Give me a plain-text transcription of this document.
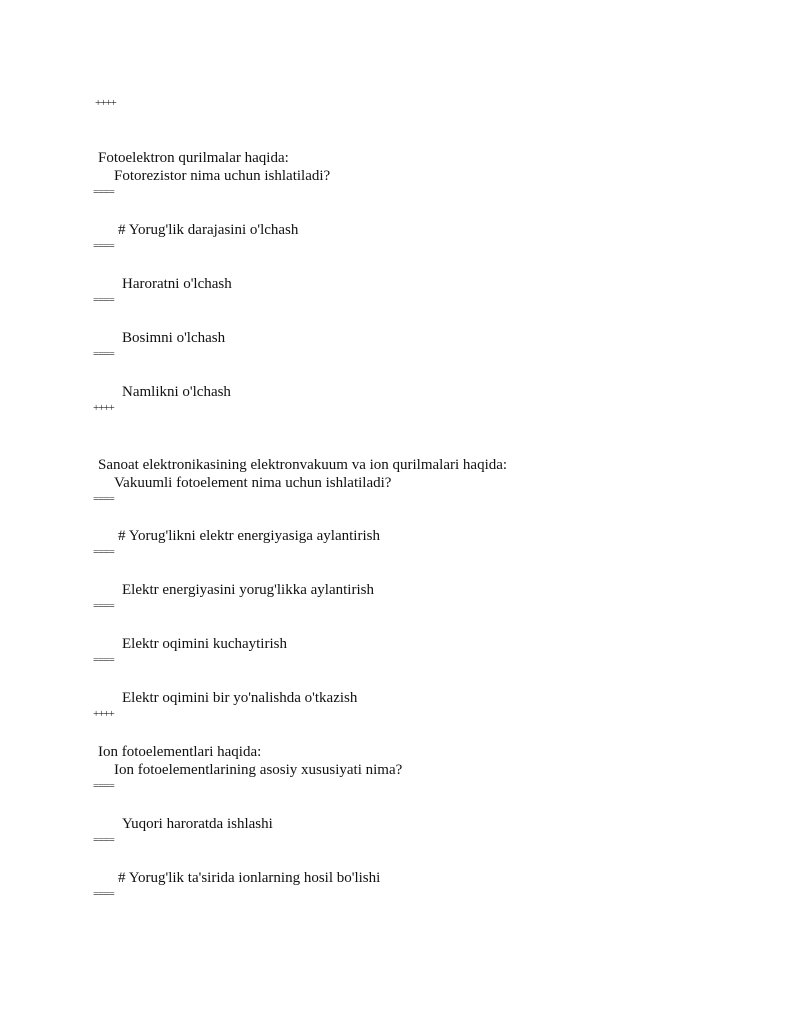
++++
Fotoelektron qurilmalar haqida:
Fotorezistor nima uchun ishlatiladi?
====
# Yorug'lik darajasini o'lchash
====
Haroratni o'lchash
====
Bosimni o'lchash
====
Namlikni o'lchash
++++
Sanoat elektronikasining elektronvakuum va ion qurilmalari haqida:
Vakuumli fotoelement nima uchun ishlatiladi?
====
# Yorug'likni elektr energiyasiga aylantirish
====
Elektr energiyasini yorug'likka aylantirish
====
Elektr oqimini kuchaytirish
====
Elektr oqimini bir yo'nalishda o'tkazish
++++
Ion fotoelementlari haqida:
Ion fotoelementlarining asosiy xususiyati nima?
====
Yuqori haroratda ishlashi
====
# Yorug'lik ta'sirida ionlarning hosil bo'lishi
====
